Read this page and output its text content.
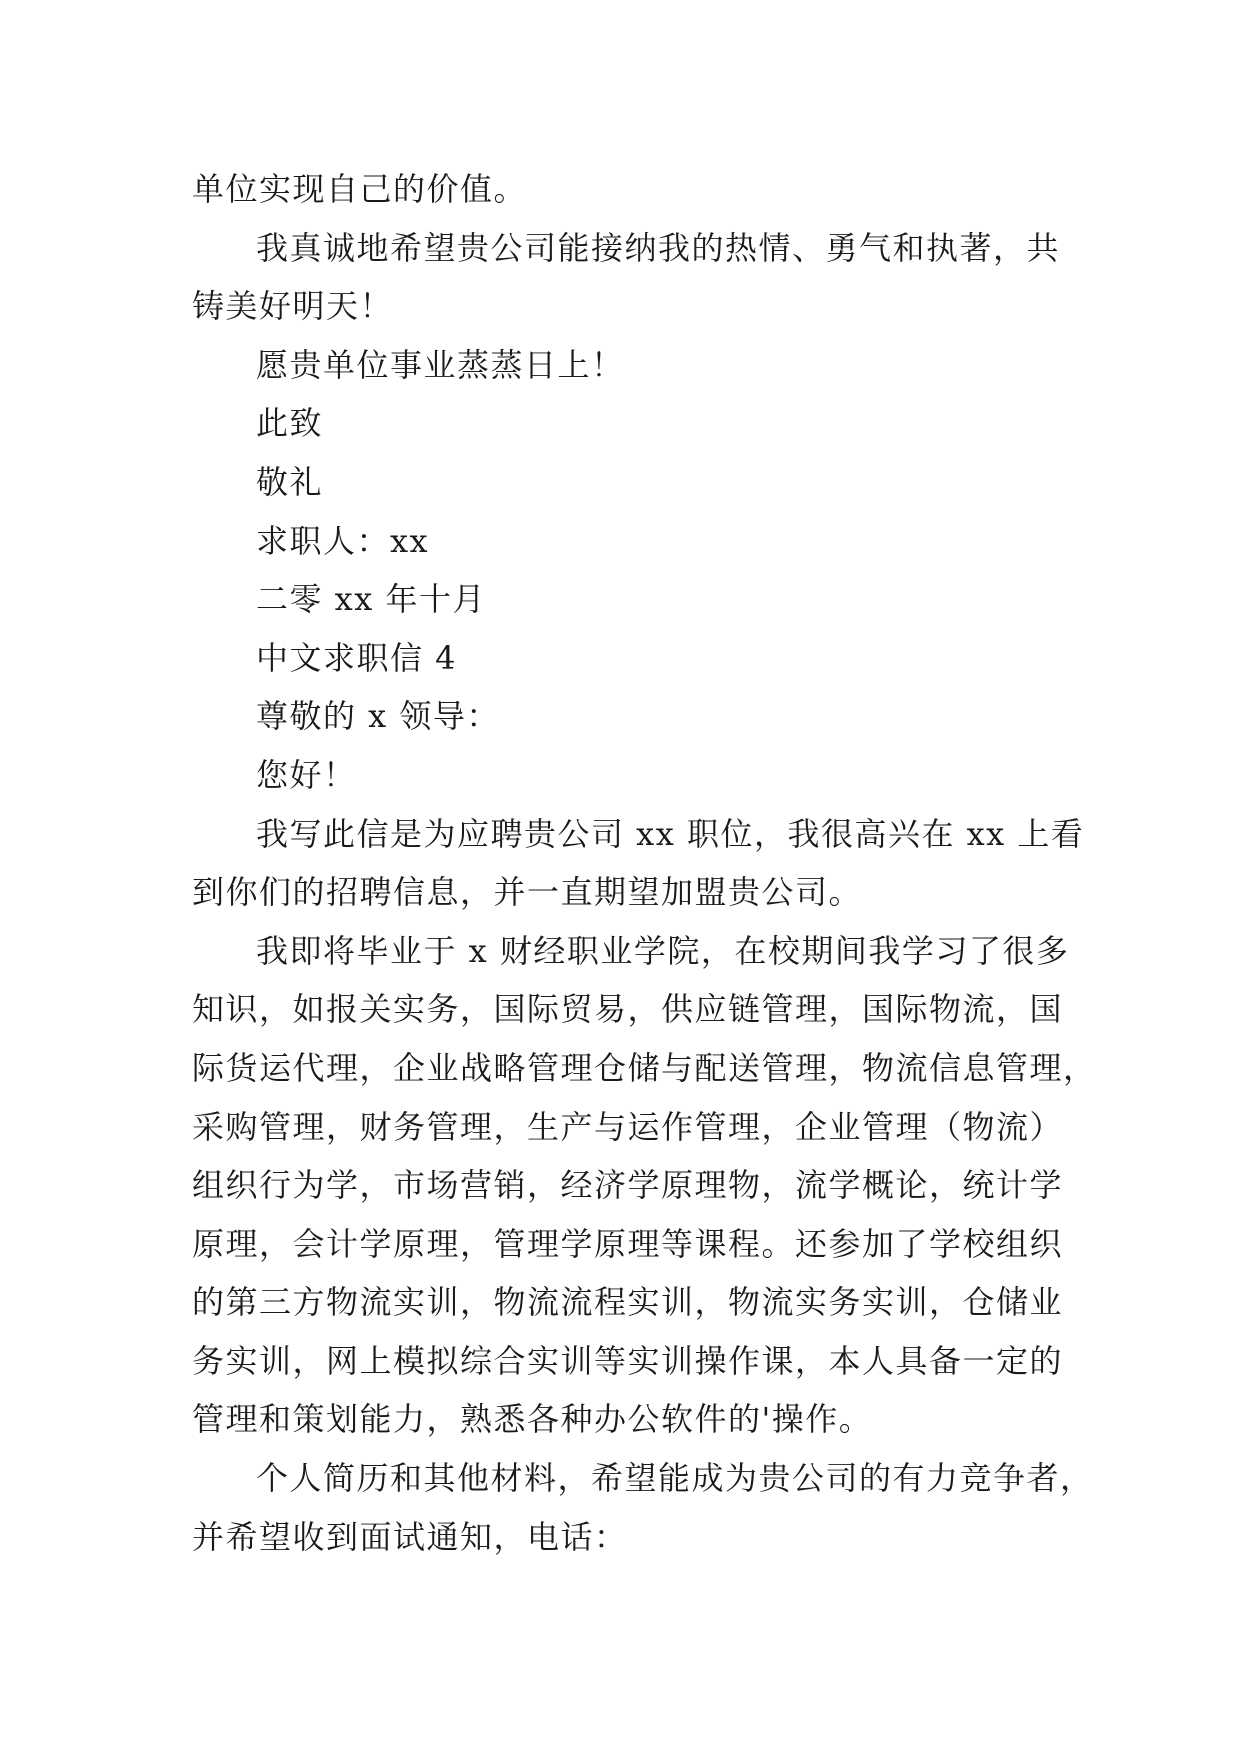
单位实现自己的价值。
我真诚地希望贵公司能接纳我的热情、勇气和执著，共
铸美好明天！
愿贵单位事业蒸蒸日上！
此致
敬礼
求职人：xx
二零 xx 年十月
中文求职信 4
尊敬的 x 领导：
您好！
我写此信是为应聘贵公司 xx 职位，我很高兴在 xx 上看
到你们的招聘信息，并一直期望加盟贵公司。
我即将毕业于 x 财经职业学院，在校期间我学习了很多
知识，如报关实务，国际贸易，供应链管理，国际物流，国
际货运代理，企业战略管理仓储与配送管理，物流信息管理，
采购管理，财务管理，生产与运作管理，企业管理（物流）
组织行为学，市场营销，经济学原理物，流学概论，统计学
原理，会计学原理，管理学原理等课程。还参加了学校组织
的第三方物流实训，物流流程实训，物流实务实训，仓储业
务实训，网上模拟综合实训等实训操作课，本人具备一定的
管理和策划能力，熟悉各种办公软件的'操作。
个人简历和其他材料，希望能成为贵公司的有力竞争者，
并希望收到面试通知，电话：
